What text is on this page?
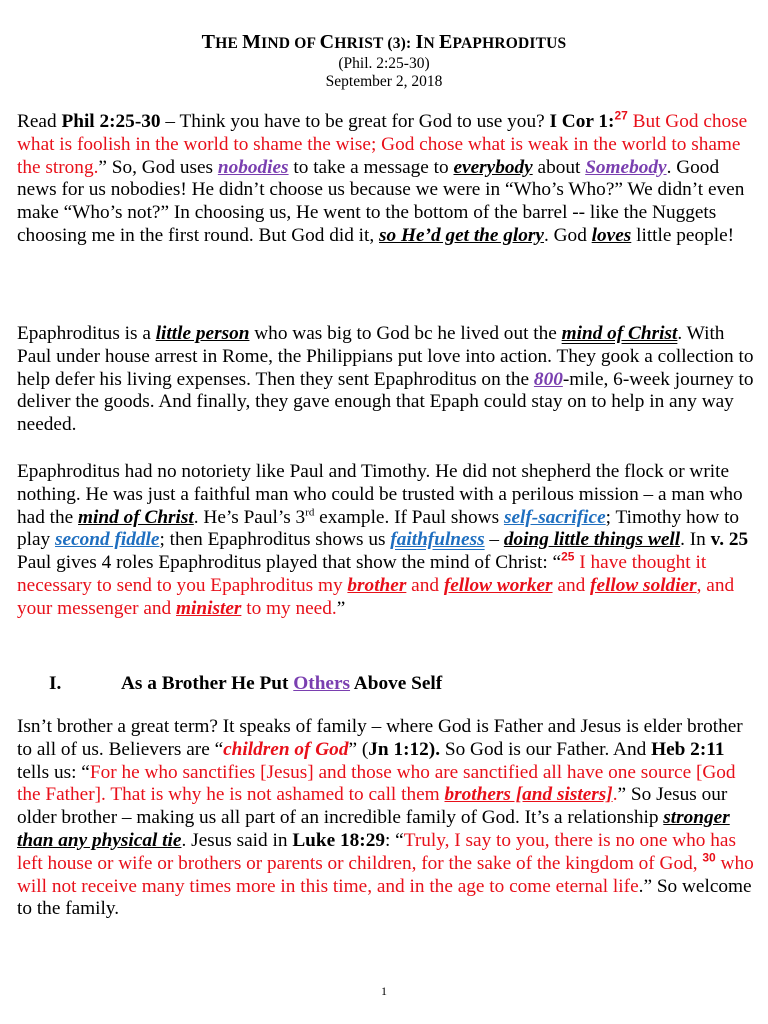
THE MIND OF CHRIST (3): IN EPAPHRODITUS
(Phil. 2:25-30)
September 2, 2018
Read Phil 2:25-30 – Think you have to be great for God to use you? I Cor 1:$^{27}$ But God chose what is foolish in the world to shame the wise; God chose what is weak in the world to shame the strong.” So, God uses nobodies to take a message to everybody about Somebody. Good news for us nobodies! He didn’t choose us because we were in “Who’s Who?” We didn’t even make “Who’s not?” In choosing us, He went to the bottom of the barrel -- like the Nuggets choosing me in the first round. But God did it, so He’d get the glory. God loves little people!
Epaphroditus is a little person who was big to God bc he lived out the mind of Christ. With Paul under house arrest in Rome, the Philippians put love into action. They gook a collection to help defer his living expenses. Then they sent Epaphroditus on the 800-mile, 6-week journey to deliver the goods. And finally, they gave enough that Epaph could stay on to help in any way needed.
Epaphroditus had no notoriety like Paul and Timothy. He did not shepherd the flock or write nothing. He was just a faithful man who could be trusted with a perilous mission – a man who had the mind of Christ. He’s Paul’s 3rd example. If Paul shows self-sacrifice; Timothy how to play second fiddle; then Epaphroditus shows us faithfulness – doing little things well. In v. 25 Paul gives 4 roles Epaphroditus played that show the mind of Christ: “$^{25}$ I have thought it necessary to send to you Epaphroditus my brother and fellow worker and fellow soldier, and your messenger and minister to my need.”
I.	As a Brother He Put Others Above Self
Isn’t brother a great term? It speaks of family – where God is Father and Jesus is elder brother to all of us. Believers are “children of God” (Jn 1:12). So God is our Father. And Heb 2:11 tells us: “For he who sanctifies [Jesus] and those who are sanctified all have one source [God the Father]. That is why he is not ashamed to call them brothers [and sisters].” So Jesus our older brother – making us all part of an incredible family of God. It’s a relationship stronger than any physical tie. Jesus said in Luke 18:29: “Truly, I say to you, there is no one who has left house or wife or brothers or parents or children, for the sake of the kingdom of God, $^{30}$ who will not receive many times more in this time, and in the age to come eternal life.” So welcome to the family.
1
